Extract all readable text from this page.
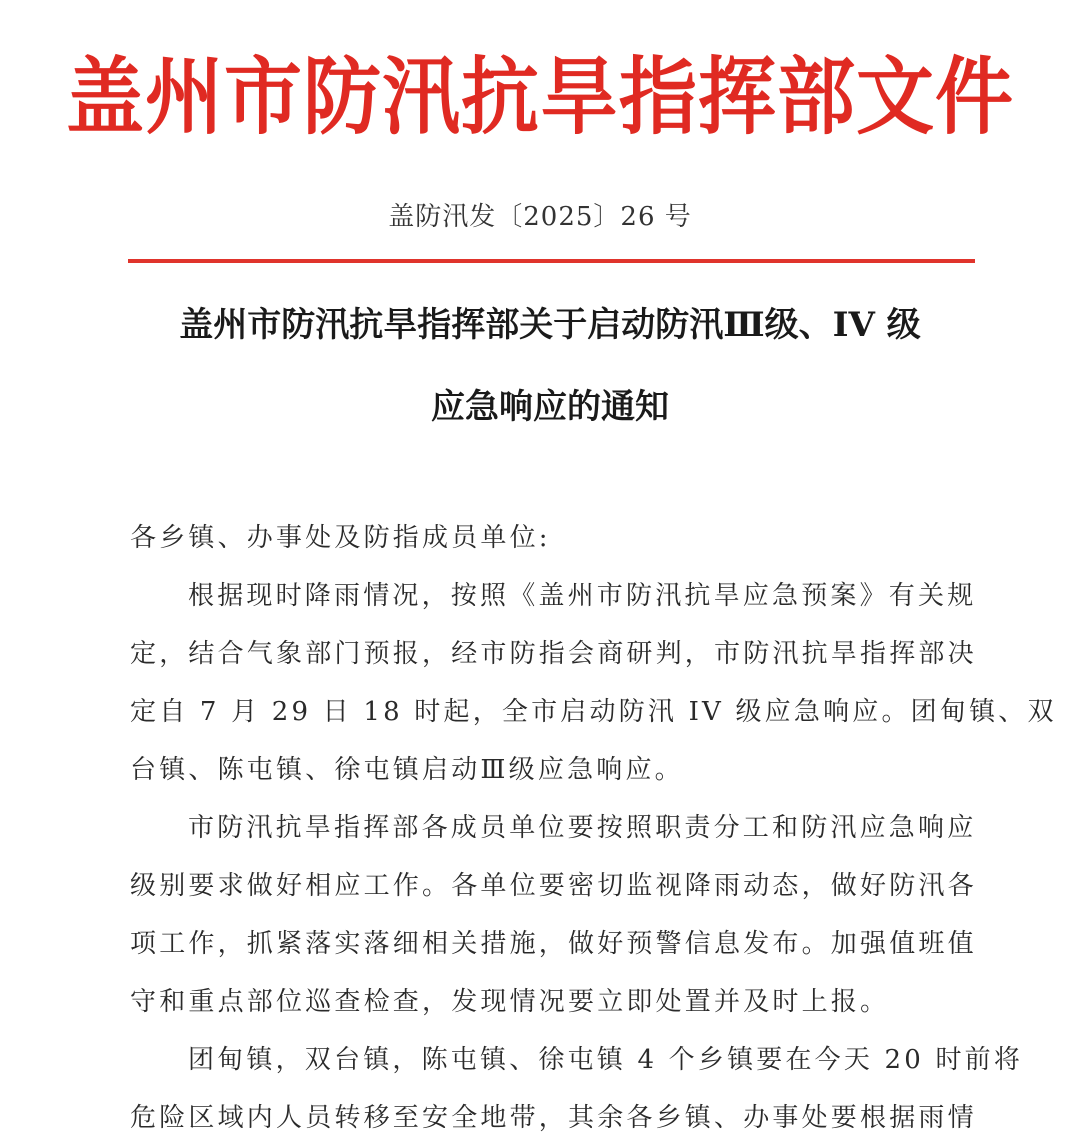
盖州市防汛抗旱指挥部文件
盖防汛发〔2025〕26 号
盖州市防汛抗旱指挥部关于启动防汛Ⅲ级、IV 级
应急响应的通知
各乡镇、办事处及防指成员单位:
根据现时降雨情况，按照《盖州市防汛抗旱应急预案》有关规
定，结合气象部门预报，经市防指会商研判，市防汛抗旱指挥部决
定自 7 月 29 日 18 时起，全市启动防汛 IV 级应急响应。团甸镇、双
台镇、陈屯镇、徐屯镇启动Ⅲ级应急响应。
市防汛抗旱指挥部各成员单位要按照职责分工和防汛应急响应
级别要求做好相应工作。各单位要密切监视降雨动态，做好防汛各
项工作，抓紧落实落细相关措施，做好预警信息发布。加强值班值
守和重点部位巡查检查，发现情况要立即处置并及时上报。
团甸镇，双台镇，陈屯镇、徐屯镇 4 个乡镇要在今天 20 时前将
危险区域内人员转移至安全地带，其余各乡镇、办事处要根据雨情
